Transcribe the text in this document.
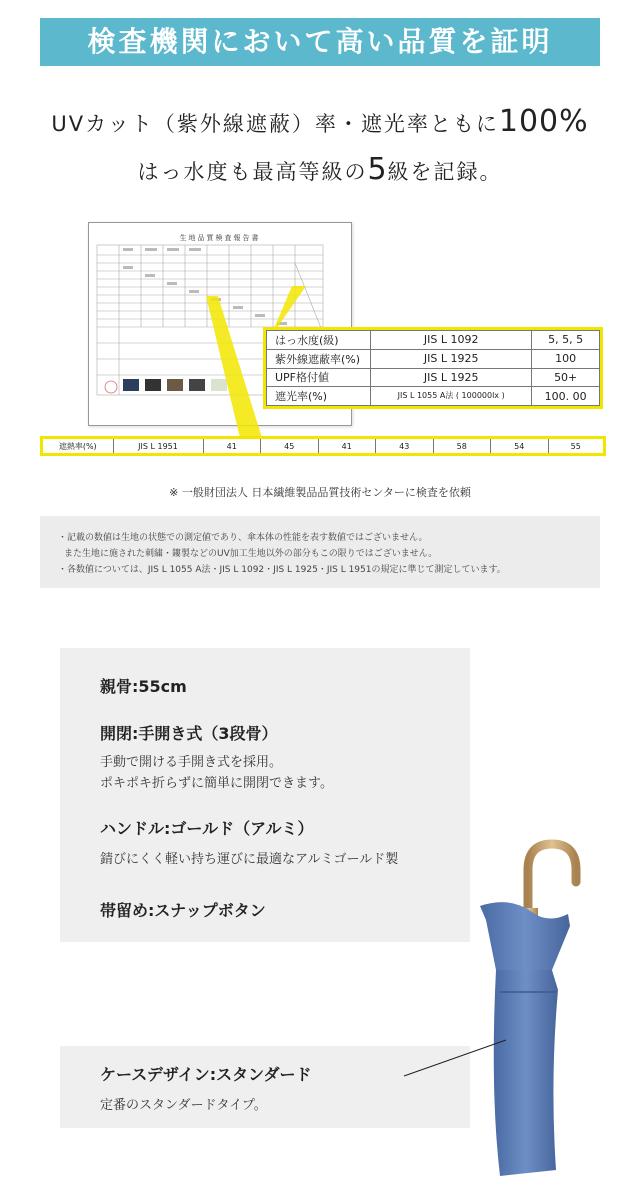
検査機関において高い品質を証明
UVカット（紫外線遮蔽）率・遮光率ともに100%
はっ水度も最高等級の5級を記録。
生地品質検査報告書
はっ水度(級)	JIS L 1092	5, 5, 5
紫外線遮蔽率(%)	JIS L 1925	100
UPF格付値	JIS L 1925	50+
遮光率(%)	JIS L 1055 A法 ( 100000lx )	100. 00
遮熱率(%)	JIS L 1951	41	45	41	43	58	54	55
※ 一般財団法人 日本繊維製品品質技術センターに検査を依頼
・記載の数値は生地の状態での測定値であり、傘本体の性能を表す数値ではございません。
また生地に施された刺繍・鏤製などのUV加工生地以外の部分もこの限りではございません。
・各数値については、JIS L 1055 A法・JIS L 1092・JIS L 1925・JIS L 1951の規定に準じて測定しています。
親骨:55cm
開閉:手開き式（3段骨）
手動で開ける手開き式を採用。
ポキポキ折らずに簡単に開閉できます。
ハンドル:ゴールド（アルミ）
錆びにくく軽い持ち運びに最適なアルミゴールド製
帯留め:スナップボタン
ケースデザイン:スタンダード
定番のスタンダードタイプ。
